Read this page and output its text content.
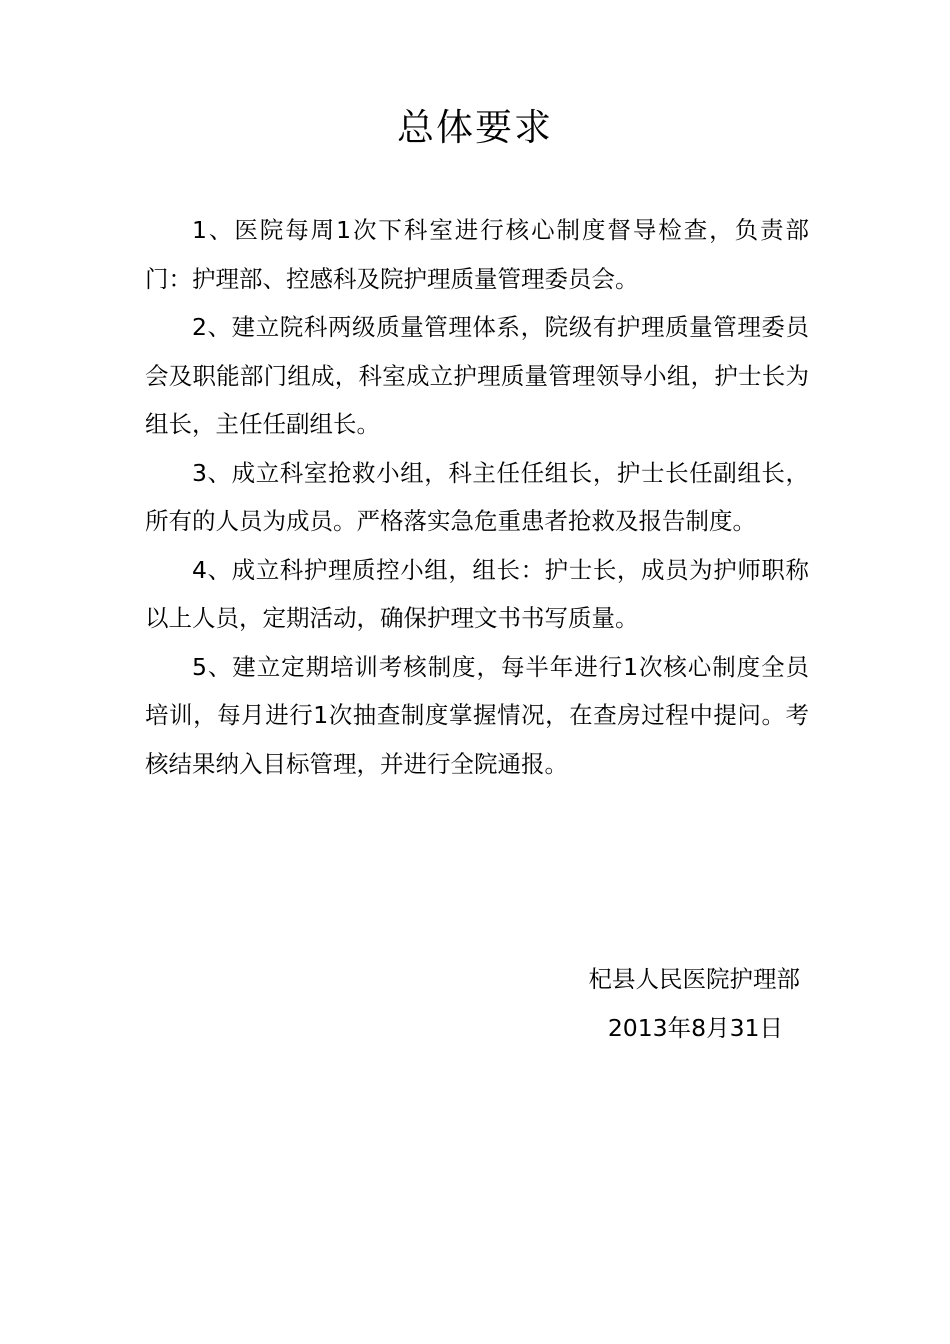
总体要求

1、医院每周1次下科室进行核心制度督导检查，负责部门：护理部、控感科及院护理质量管理委员会。

2、建立院科两级质量管理体系，院级有护理质量管理委员会及职能部门组成，科室成立护理质量管理领导小组，护士长为组长，主任任副组长。

3、成立科室抢救小组，科主任任组长，护士长任副组长，所有的人员为成员。严格落实急危重患者抢救及报告制度。

4、成立科护理质控小组，组长：护士长，成员为护师职称以上人员，定期活动，确保护理文书书写质量。

5、建立定期培训考核制度，每半年进行1次核心制度全员培训，每月进行1次抽查制度掌握情况，在查房过程中提问。考核结果纳入目标管理，并进行全院通报。

杞县人民医院护理部
2013年8月31日
